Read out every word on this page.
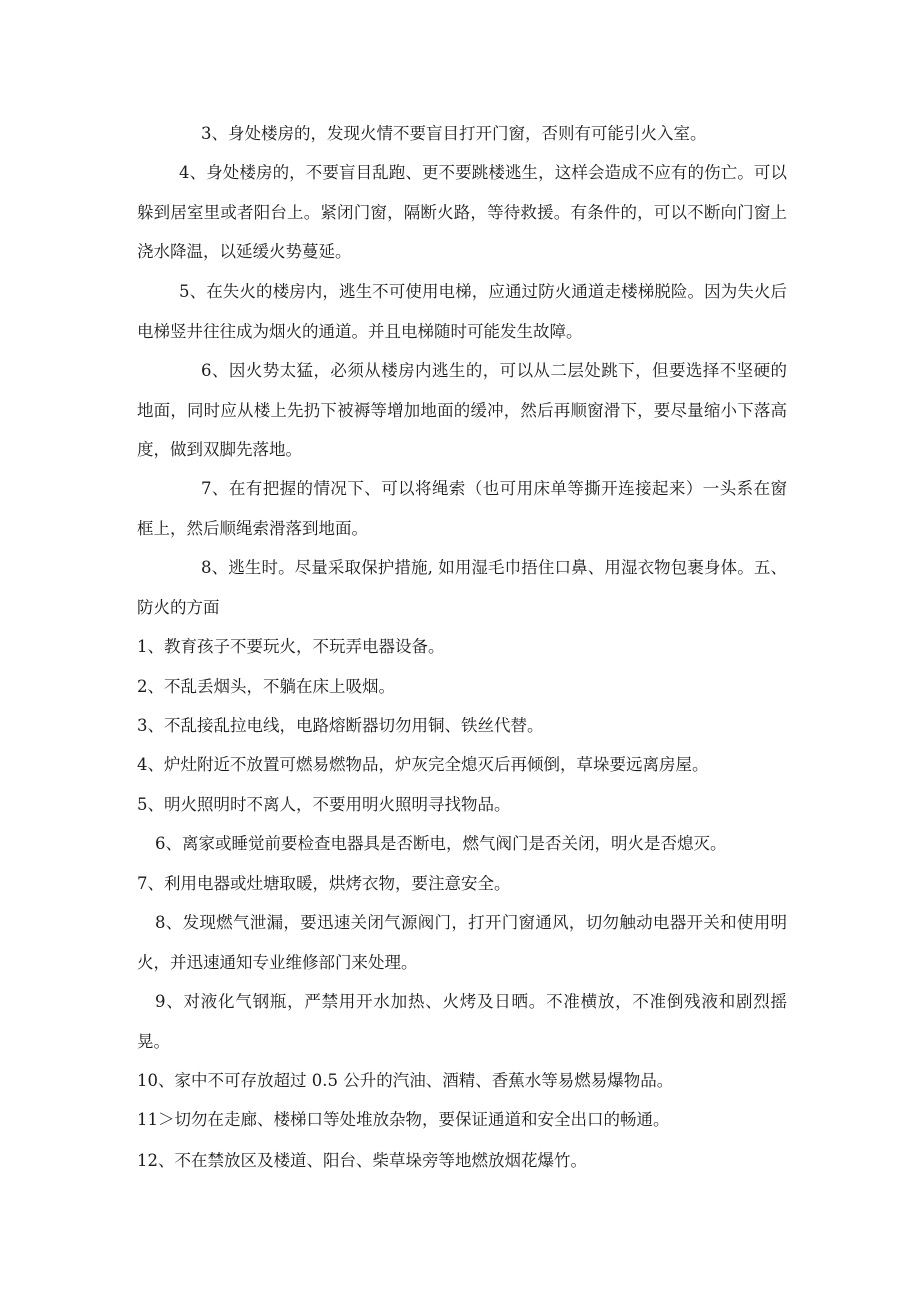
3、身处楼房的，发现火情不要盲目打开门窗，否则有可能引火入室。

4、身处楼房的，不要盲目乱跑、更不要跳楼逃生，这样会造成不应有的伤亡。可以躲到居室里或者阳台上。紧闭门窗，隔断火路，等待救援。有条件的，可以不断向门窗上浇水降温，以延缓火势蔓延。

5、在失火的楼房内，逃生不可使用电梯，应通过防火通道走楼梯脱险。因为失火后电梯竖井往往成为烟火的通道。并且电梯随时可能发生故障。

6、因火势太猛，必须从楼房内逃生的，可以从二层处跳下，但要选择不坚硬的地面，同时应从楼上先扔下被褥等增加地面的缓冲，然后再顺窗滑下，要尽量缩小下落高度，做到双脚先落地。

7、在有把握的情况下、可以将绳索（也可用床单等撕开连接起来）一头系在窗框上，然后顺绳索滑落到地面。

8、逃生时。尽量采取保护措施, 如用湿毛巾捂住口鼻、用湿衣物包裹身体。五、防火的方面

1、教育孩子不要玩火，不玩弄电器设备。

2、不乱丢烟头，不躺在床上吸烟。

3、不乱接乱拉电线，电路熔断器切勿用铜、铁丝代替。

4、炉灶附近不放置可燃易燃物品，炉灰完全熄灭后再倾倒，草垛要远离房屋。

5、明火照明时不离人，不要用明火照明寻找物品。

6、离家或睡觉前要检查电器具是否断电，燃气阀门是否关闭，明火是否熄灭。

7、利用电器或灶塘取暖，烘烤衣物，要注意安全。

8、发现燃气泄漏，要迅速关闭气源阀门，打开门窗通风，切勿触动电器开关和使用明火，并迅速通知专业维修部门来处理。

9、对液化气钢瓶，严禁用开水加热、火烤及日晒。不准横放，不准倒残液和剧烈摇晃。

10、家中不可存放超过 0.5 公升的汽油、酒精、香蕉水等易燃易爆物品。

11＞切勿在走廊、楼梯口等处堆放杂物，要保证通道和安全出口的畅通。

12、不在禁放区及楼道、阳台、柴草垛旁等地燃放烟花爆竹。
